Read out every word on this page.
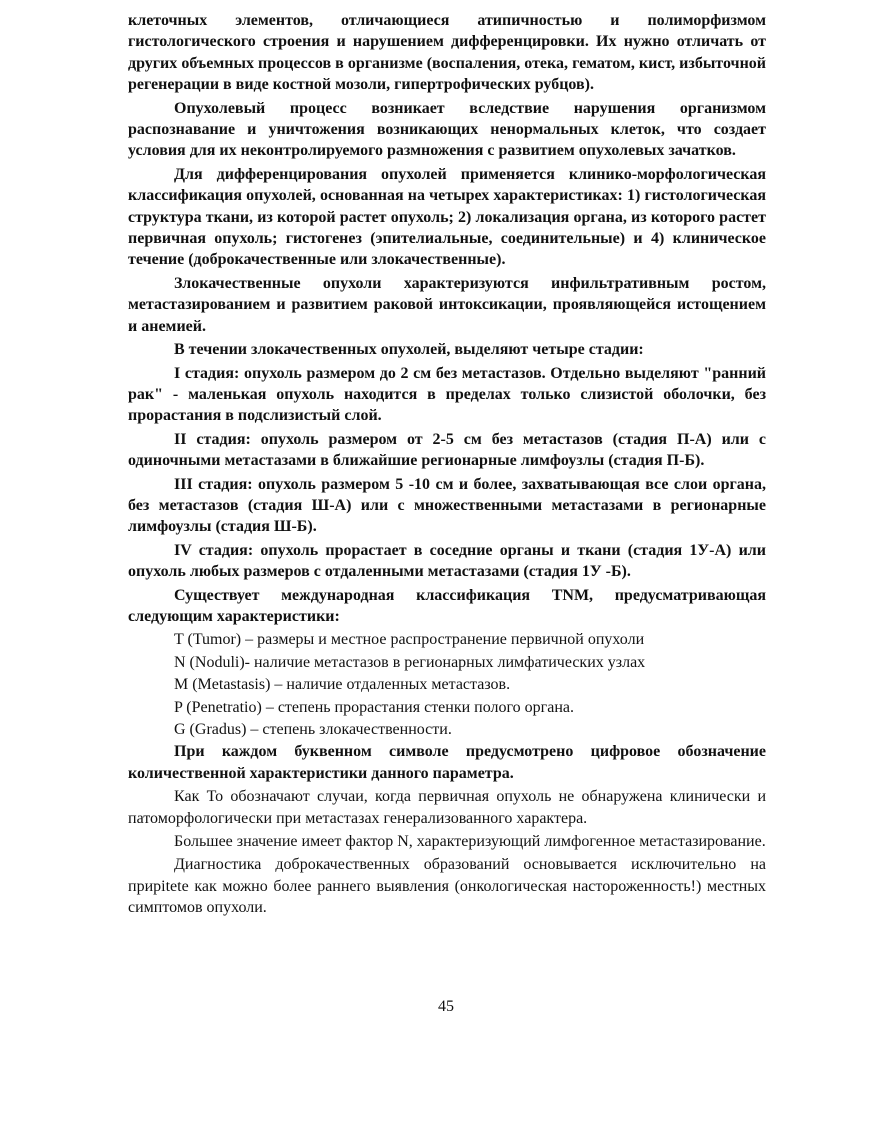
клеточных элементов, отличающиеся атипичностью и полиморфизмом гистологического строения и нарушением дифференцировки. Их нужно отличать от других объемных процессов в организме (воспаления, отека, гематом, кист, избыточной регенерации в виде костной мозоли, гипертрофических рубцов).

Опухолевый процесс возникает вследствие нарушения организмом распознавание и уничтожения возникающих ненормальных клеток, что создает условия для их неконтролируемого размножения с развитием опухолевых зачатков.

Для дифференцирования опухолей применяется клинико-морфологическая классификация опухолей, основанная на четырех характеристиках: 1) гистологическая структура ткани, из которой растет опухоль; 2) локализация органа, из которого растет первичная опухоль; гистогенез (эпителиальные, соединительные) и 4) клиническое течение (доброкачественные или злокачественные).

Злокачественные опухоли характеризуются инфильтративным ростом, метастазированием и развитием раковой интоксикации, проявляющейся истощением и анемией.

В течении злокачественных опухолей, выделяют четыре стадии:

I стадия: опухоль размером до 2 см без метастазов. Отдельно выделяют "ранний рак" - маленькая опухоль находится в пределах только слизистой оболочки, без прорастания в подслизистый слой.

II стадия: опухоль размером от 2-5 см без метастазов (стадия П-А) или с одиночными метастазами в ближайшие регионарные лимфоузлы (стадия П-Б).

III стадия: опухоль размером 5 -10 см и более, захватывающая все слои органа, без метастазов (стадия Ш-А) или с множественными метастазами в регионарные лимфоузлы (стадия Ш-Б).

IV стадия: опухоль прорастает в соседние органы и ткани (стадия 1У-А) или опухоль любых размеров с отдаленными метастазами (стадия 1У -Б).

Существует международная классификация TNM, предусматривающая следующим характеристики:

T (Tumor) – размеры и местное распространение первичной опухоли

N (Noduli)- наличие метастазов в регионарных лимфатических узлах

M (Metastasis) – наличие отдаленных метастазов.

P (Penetratio) – степень прорастания стенки полого органа.

G (Gradus) – степень злокачественности.

При каждом буквенном символе предусмотрено цифровое обозначение количественной характеристики данного параметра.

Как То обозначают случаи, когда первичная опухоль не обнаружена клинически и патоморфологически при метастазах генерализованного характера.

Большее значение имеет фактор N, характеризующий лимфогенное метастазирование.

Диагностика доброкачественных образований основывается исключительно на прирitete как можно более раннего выявления (онкологическая настороженность!) местных симптомов опухоли.

45
